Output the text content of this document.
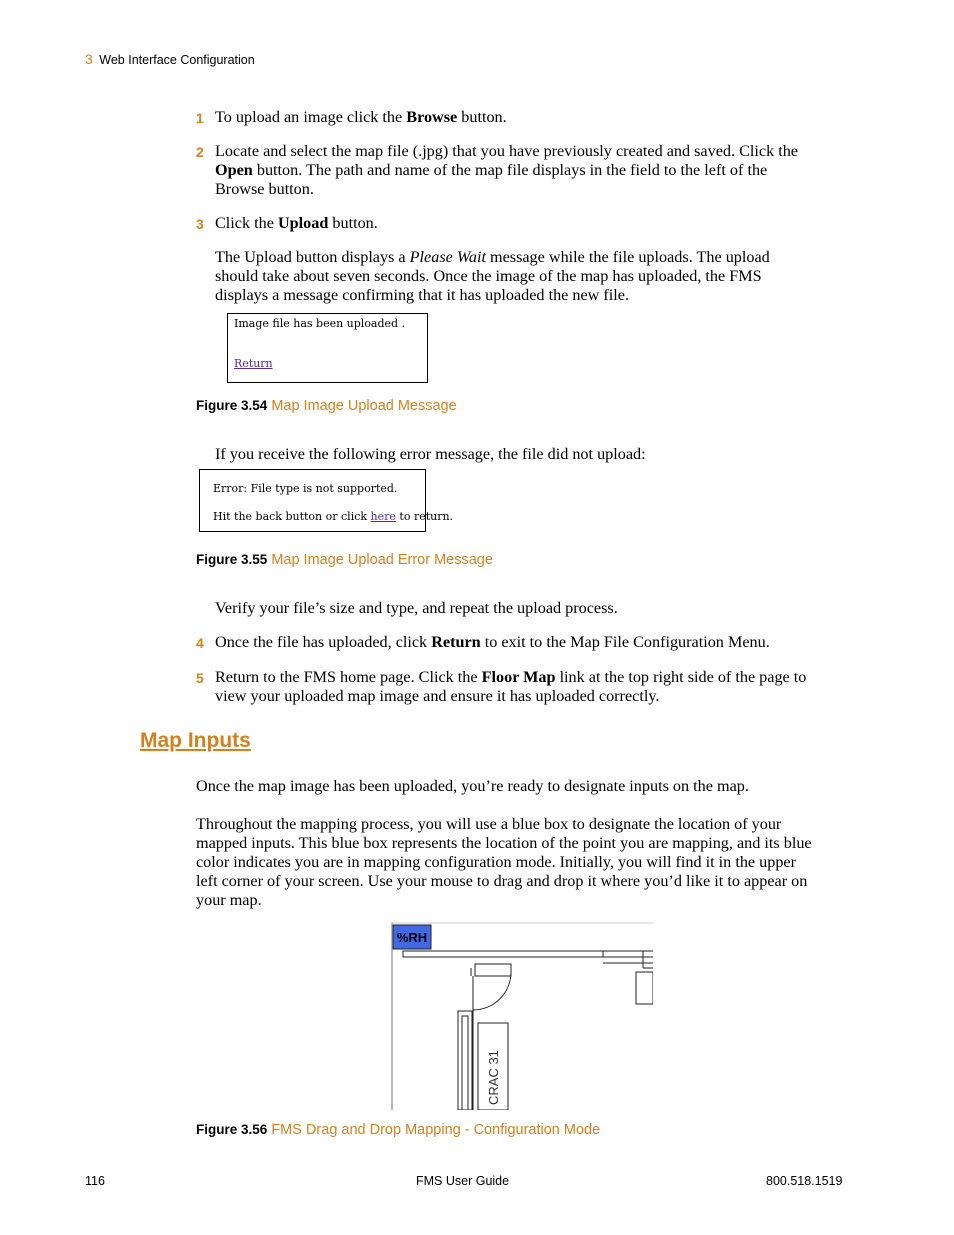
3 Web Interface Configuration
1 To upload an image click the Browse button.
2 Locate and select the map file (.jpg) that you have previously created and saved. Click the
Open button. The path and name of the map file displays in the field to the left of the
Browse button.
3 Click the Upload button.
The Upload button displays a Please Wait message while the file uploads. The upload
should take about seven seconds. Once the image of the map has uploaded, the FMS
displays a message confirming that it has uploaded the new file.
Image file has been uploaded .
Return
Figure 3.54 Map Image Upload Message
If you receive the following error message, the file did not upload:
Error: File type is not supported.
Hit the back button or click here to return.
Figure 3.55 Map Image Upload Error Message
Verify your file’s size and type, and repeat the upload process.
4 Once the file has uploaded, click Return to exit to the Map File Configuration Menu.
5 Return to the FMS home page. Click the Floor Map link at the top right side of the page to
view your uploaded map image and ensure it has uploaded correctly.
Map Inputs
Once the map image has been uploaded, you’re ready to designate inputs on the map.
Throughout the mapping process, you will use a blue box to designate the location of your
mapped inputs. This blue box represents the location of the point you are mapping, and its blue
color indicates you are in mapping configuration mode. Initially, you will find it in the upper
left corner of your screen. Use your mouse to drag and drop it where you’d like it to appear on
your map.
%RH
CRAC 31
Figure 3.56 FMS Drag and Drop Mapping - Configuration Mode
116	FMS User Guide	800.518.1519
